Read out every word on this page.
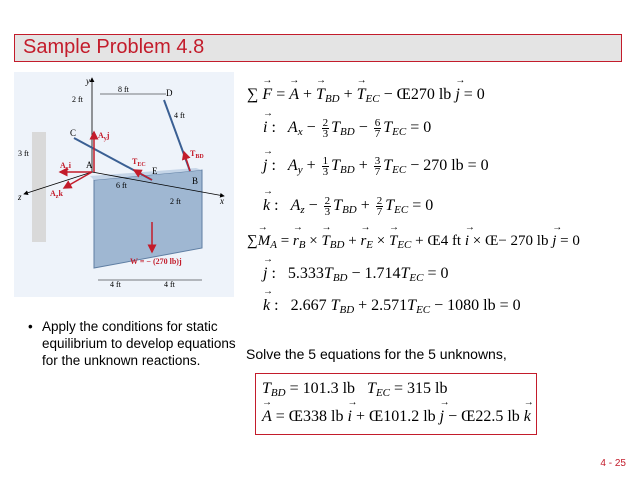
Sample Problem 4.8
y
x
z
2 ft
8 ft
4 ft
3 ft
6 ft
2 ft
4 ft	4 ft
C
A
D
E
B
$A_yj$
$A_xi$
$A_zk$
$T_{EC}$
$T_{BD}$
W = − (270 lb)j
∑ → F = → A + → $T_{BD}$ + → $T_{EC}$ − Œ270 lb → j = 0
→ i : $A_x - \frac{2}{3} T_{BD} - \frac{6}{7} T_{EC} = 0$
→ j : $A_y + \frac{1}{3} T_{BD} + \frac{3}{7} T_{EC} - 270$ lb = 0
→ k : $A_z - \frac{2}{3} T_{BD} + \frac{2}{7} T_{EC} = 0$
∑→ $M_A$ = → $r_B$ × → $T_{BD}$ + → $r_E$ × → $T_{EC}$ + Œ4 ft → i × Œ− 270 lb → j = 0
→ j : $5.333T_{BD} - 1.714T_{EC} = 0$
→ k : 2.667 $T_{BD} + 2.571T_{EC} - 1080$ lb = 0
• Apply the conditions for static equilibrium to develop equations for the unknown reactions.	Solve the 5 equations for the 5 unknowns,
$T_{BD} = 101.3$ lb $T_{EC} = 315$ lb
→ A = Œ338 lb → i + Œ101.2 lb → j − Œ22.5 lb → k
4 - 25
